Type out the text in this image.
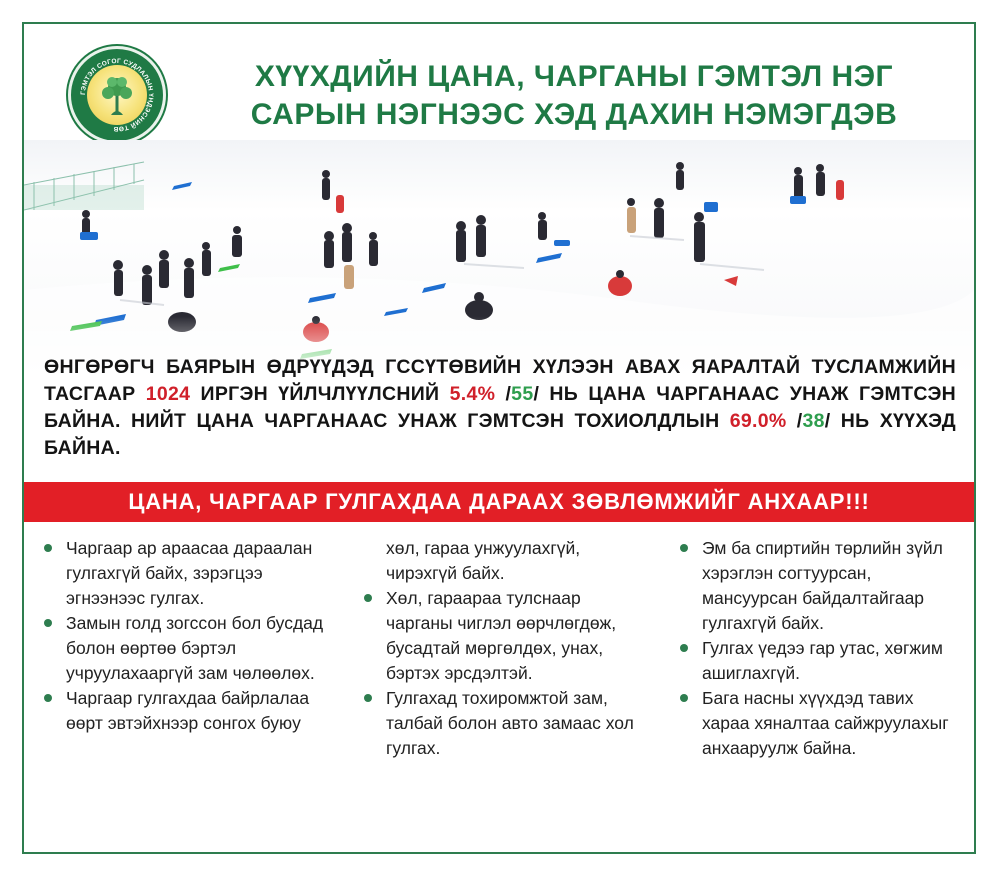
ГЭМТЭЛ СОГОГ СУДЛАЛЫН ҮНДЭСНИЙ ТӨВ
ХҮҮХДИЙН ЦАНА, ЧАРГАНЫ ГЭМТЭЛ НЭГ
САРЫН НЭГНЭЭС ХЭД ДАХИН НЭМЭГДЭВ
ӨНГӨРӨГЧ БАЯРЫН ӨДРҮҮДЭД ГССҮТӨВИЙН ХҮЛЭЭН АВАХ ЯАРАЛТАЙ ТУСЛАМЖИЙН ТАСГААР 1024 ИРГЭН ҮЙЛЧЛҮҮЛСНИЙ 5.4% /55/ НЬ ЦАНА ЧАРГАНААС УНАЖ ГЭМТСЭН БАЙНА. НИЙТ ЦАНА ЧАРГАНААС УНАЖ ГЭМТСЭН ТОХИОЛДЛЫН 69.0% /38/ НЬ ХҮҮХЭД БАЙНА.
ЦАНА, ЧАРГААР ГУЛГАХДАА ДАРААХ ЗӨВЛӨМЖИЙГ АНХААР!!!
Чаргаар ар араасаа дараалан гулгахгүй байх, зэрэгцээ эгнээнээс гулгах.
Замын голд зогссон бол бусдад болон өөртөө бэртэл учруулахааргүй зам чөлөөлөх.
Чаргаар гулгахдаа байрлалаа өөрт эвтэйхнээр сонгох буюу
хөл, гараа унжуулахгүй, чирэхгүй байх.
Хөл, гараараа тулснаар чарганы чиглэл өөрчлөгдөж, бусадтай мөргөлдөх, унах, бэртэх эрсдэлтэй.
Гулгахад тохиромжтой зам, талбай болон авто замаас хол гулгах.
Эм ба спиртийн төрлийн зүйл хэрэглэн согтуурсан, мансуурсан байдалтайгаар гулгахгүй байх.
Гулгах үедээ гар утас, хөгжим ашиглахгүй.
Бага насны хүүхдэд тавих хараа хяналтаа сайжруулахыг анхааруулж байна.
